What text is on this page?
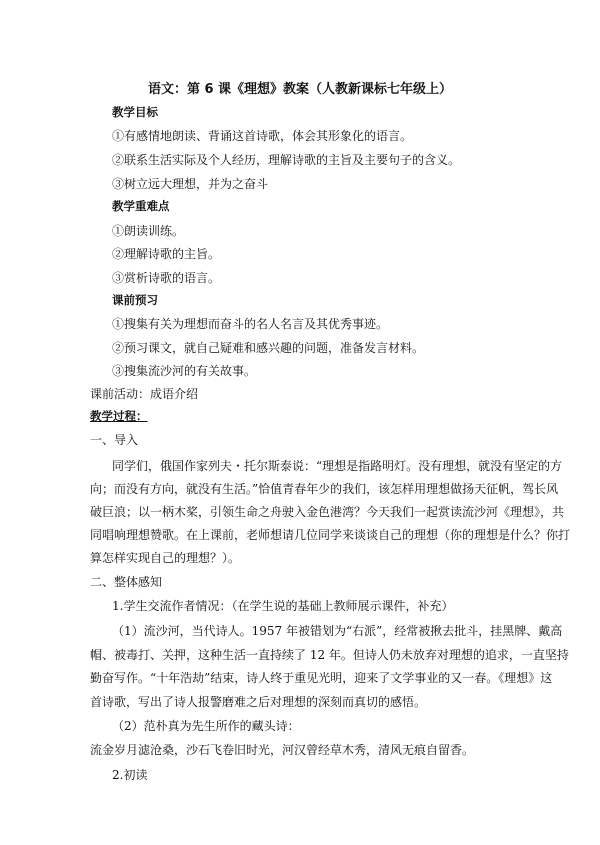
语文：第 6 课《理想》教案（人教新课标七年级上）
教学目标
①有感情地朗读、背诵这首诗歌，体会其形象化的语言。
②联系生活实际及个人经历，理解诗歌的主旨及主要句子的含义。
③树立远大理想，并为之奋斗
教学重难点
①朗读训练。
②理解诗歌的主旨。
③赏析诗歌的语言。
课前预习
①搜集有关为理想而奋斗的名人名言及其优秀事迹。
②预习课文，就自己疑难和感兴趣的问题，准备发言材料。
③搜集流沙河的有关故事。
课前活动：成语介绍
教学过程：
一、导入
同学们，俄国作家列夫・托尔斯泰说：“理想是指路明灯。没有理想，就没有坚定的方
向；而没有方向，就没有生活。”恰值青春年少的我们，该怎样用理想做扬天征帆，驾长风
破巨浪；以一柄木桨，引领生命之舟驶入金色港湾？今天我们一起赏读流沙河《理想》，共
同唱响理想赞歌。在上课前，老师想请几位同学来谈谈自己的理想（你的理想是什么？你打
算怎样实现自己的理想？）。
二、整体感知
1.学生交流作者情况：（在学生说的基础上教师展示课件，补充）
（1）流沙河，当代诗人。1957 年被错划为“右派”，经常被揪去批斗，挂黑牌、戴高
帽、被毒打、关押，这种生活一直持续了 12 年。但诗人仍未放弃对理想的追求，一直坚持
勤奋写作。“十年浩劫”结束，诗人终于重见光明，迎来了文学事业的又一春。《理想》这
首诗歌，写出了诗人报警磨难之后对理想的深刻而真切的感悟。
（2）范朴真为先生所作的藏头诗：
流金岁月滤沧桑，沙石飞卷旧时光，河汉曾经草木秀，清风无痕自留香。
2.初读
